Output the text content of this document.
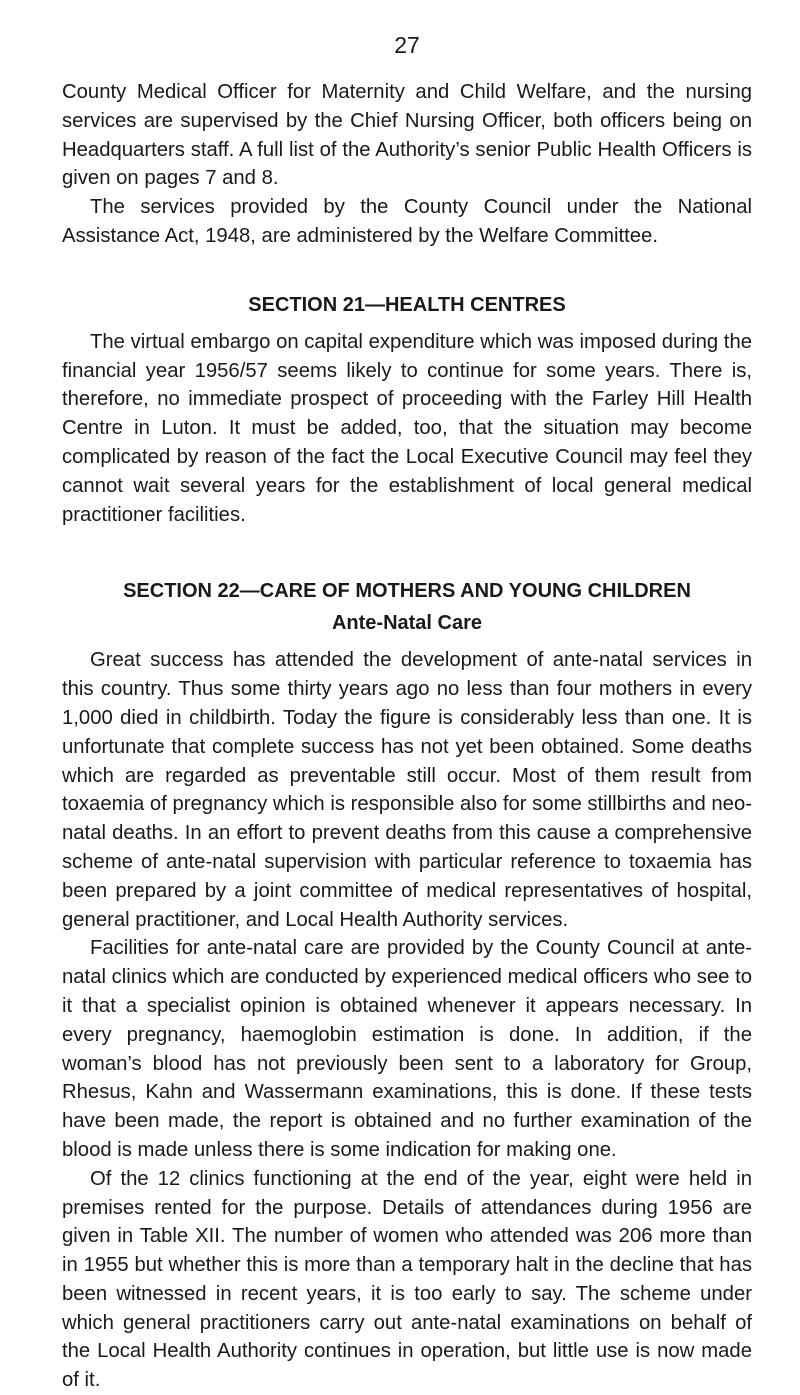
27

County Medical Officer for Maternity and Child Welfare, and the nursing services are supervised by the Chief Nursing Officer, both officers being on Headquarters staff. A full list of the Authority’s senior Public Health Officers is given on pages 7 and 8.

The services provided by the County Council under the National Assistance Act, 1948, are administered by the Welfare Committee.

SECTION 21—HEALTH CENTRES

The virtual embargo on capital expenditure which was imposed during the financial year 1956/57 seems likely to continue for some years. There is, therefore, no immediate prospect of proceeding with the Farley Hill Health Centre in Luton. It must be added, too, that the situation may become complicated by reason of the fact the Local Executive Council may feel they cannot wait several years for the establishment of local general medical practitioner facilities.

SECTION 22—CARE OF MOTHERS AND YOUNG CHILDREN
Ante-Natal Care

Great success has attended the development of ante-natal services in this country. Thus some thirty years ago no less than four mothers in every 1,000 died in childbirth. Today the figure is considerably less than one. It is unfortunate that complete success has not yet been obtained. Some deaths which are regarded as preventable still occur. Most of them result from toxaemia of pregnancy which is responsible also for some stillbirths and neo-natal deaths. In an effort to prevent deaths from this cause a comprehensive scheme of ante-natal supervision with particular reference to toxaemia has been prepared by a joint committee of medical representatives of hospital, general practitioner, and Local Health Authority services.

Facilities for ante-natal care are provided by the County Council at ante-natal clinics which are conducted by experienced medical officers who see to it that a specialist opinion is obtained whenever it appears necessary. In every pregnancy, haemoglobin estimation is done. In addition, if the woman’s blood has not previously been sent to a laboratory for Group, Rhesus, Kahn and Wassermann examinations, this is done. If these tests have been made, the report is obtained and no further examination of the blood is made unless there is some indication for making one.

Of the 12 clinics functioning at the end of the year, eight were held in premises rented for the purpose. Details of attendances during 1956 are given in Table XII. The number of women who attended was 206 more than in 1955 but whether this is more than a temporary halt in the decline that has been witnessed in recent years, it is too early to say. The scheme under which general practitioners carry out ante-natal examinations on behalf of the Local Health Authority continues in operation, but little use is now made of it.
